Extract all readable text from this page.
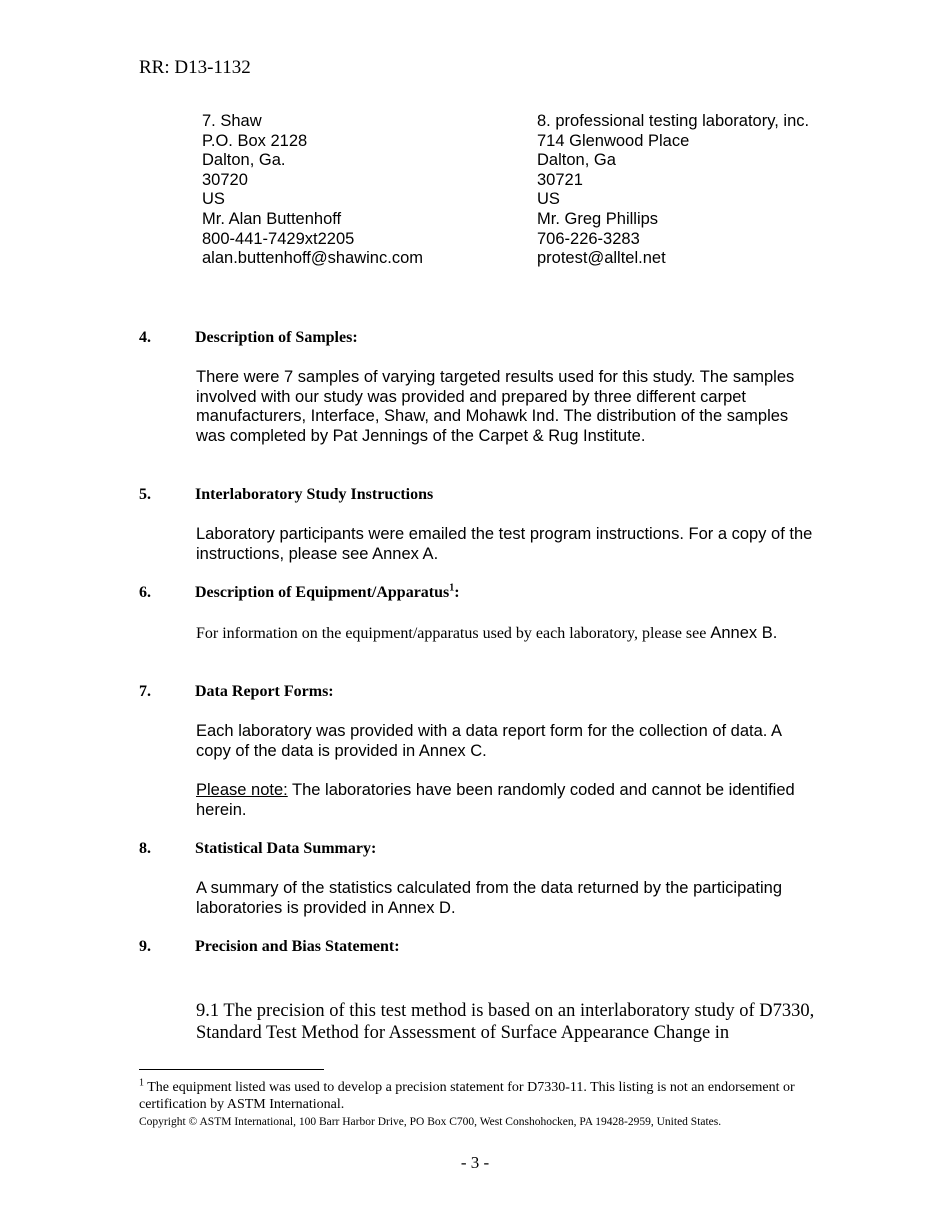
RR: D13-1132
7. Shaw
P.O. Box 2128
Dalton, Ga.
30720
US
Mr. Alan Buttenhoff
800-441-7429xt2205
alan.buttenhoff@shawinc.com
8. professional testing laboratory, inc.
714 Glenwood Place
Dalton, Ga
30721
US
Mr. Greg Phillips
706-226-3283
protest@alltel.net
4.	Description of Samples:
There were 7 samples of varying targeted results used for this study. The samples involved with our study was provided and prepared by three different carpet manufacturers, Interface, Shaw, and Mohawk Ind. The distribution of the samples was completed by Pat Jennings of the Carpet & Rug Institute.
5.	Interlaboratory Study Instructions
Laboratory participants were emailed the test program instructions. For a copy of the instructions, please see Annex A.
6.	Description of Equipment/Apparatus$^1$:
For information on the equipment/apparatus used by each laboratory, please see Annex B.
7.	Data Report Forms:
Each laboratory was provided with a data report form for the collection of data. A copy of the data is provided in Annex C.
Please note: The laboratories have been randomly coded and cannot be identified herein.
8.	Statistical Data Summary:
A summary of the statistics calculated from the data returned by the participating laboratories is provided in Annex D.
9.	Precision and Bias Statement:
9.1 The precision of this test method is based on an interlaboratory study of D7330, Standard Test Method for Assessment of Surface Appearance Change in
$^1$ The equipment listed was used to develop a precision statement for D7330-11. This listing is not an endorsement or certification by ASTM International.
Copyright © ASTM International, 100 Barr Harbor Drive, PO Box C700, West Conshohocken, PA 19428-2959, United States.
- 3 -
